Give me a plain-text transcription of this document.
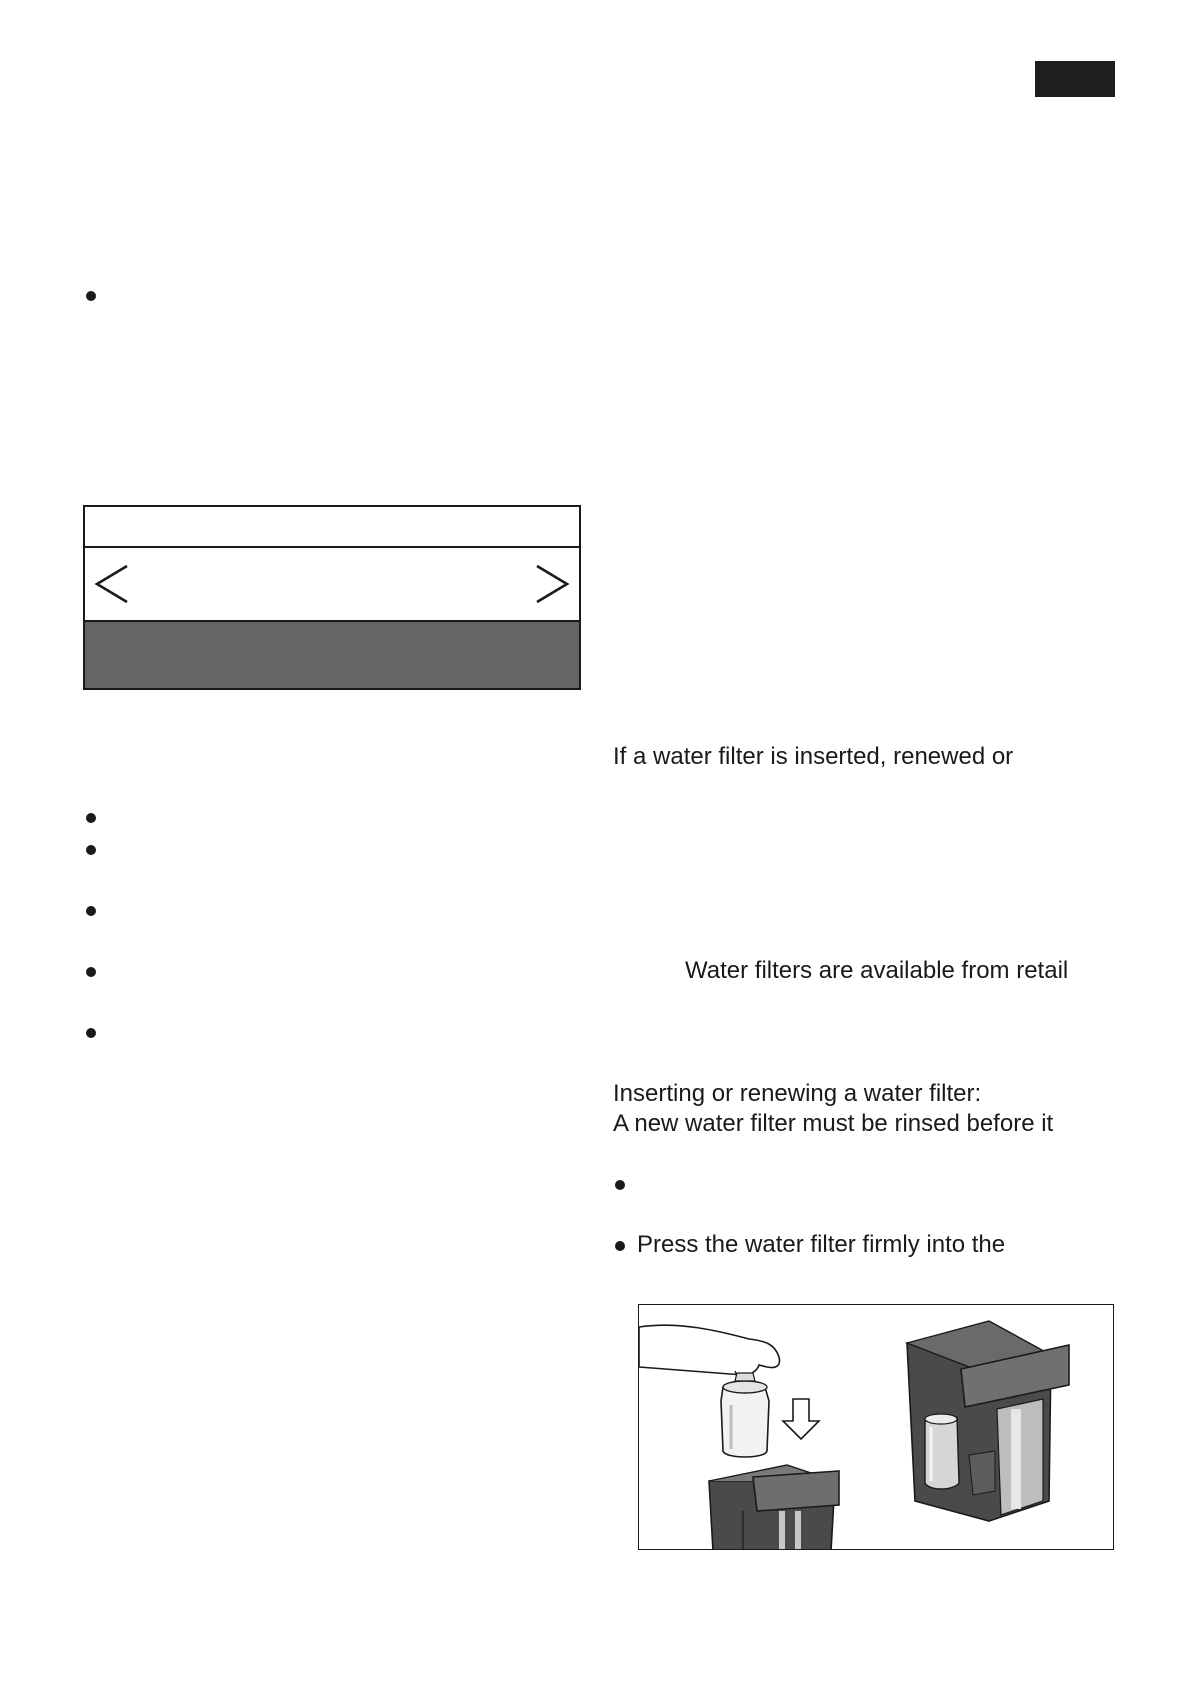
If a water filter is inserted, renewed or
Water filters are available from retail
Inserting or renewing a water filter:
A new water filter must be rinsed before it
Press the water filter firmly into the
